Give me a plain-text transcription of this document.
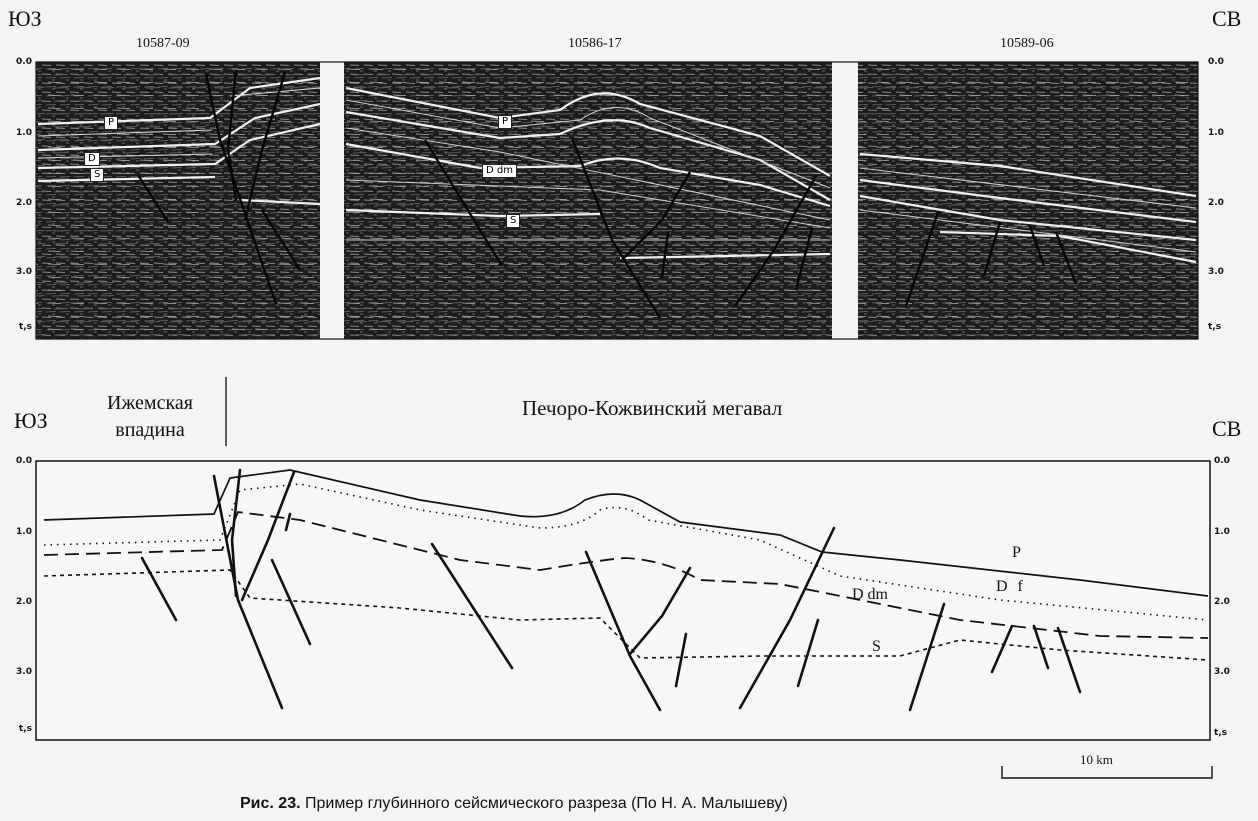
ЮЗ	СВ
10587-09	10586-17	10589-06
0.0
1.0
2.0
3.0
t,s
0.0
1.0
2.0
3.0
t,s
P
D
S
P
D dm
S
ЮЗ	СВ
Ижемская впадина
Печоро-Кожвинский мегавал
0.0
1.0
2.0
3.0
t,s
0.0
1.0
2.0
3.0
t,s
P
D f
D dm
S
10 km
Рис. 23. Пример глубинного сейсмического разреза (По Н. А. Малышеву)
